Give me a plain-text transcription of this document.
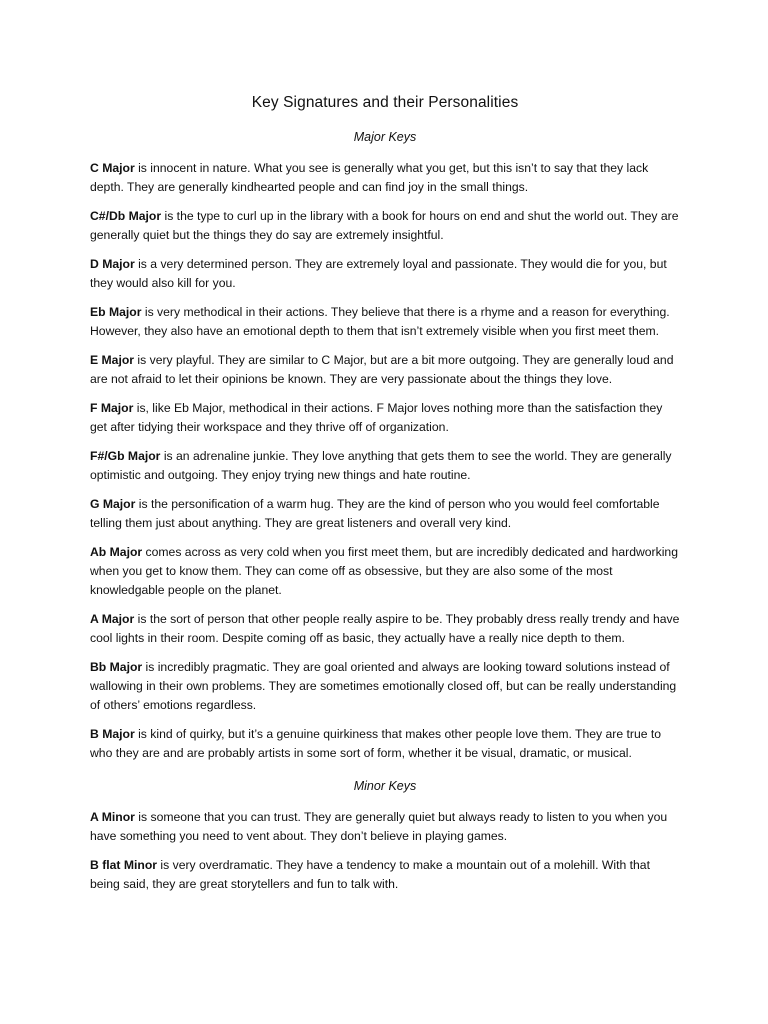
Key Signatures and their Personalities
Major Keys

C Major is innocent in nature. What you see is generally what you get, but this isn’t to say that they lack depth. They are generally kindhearted people and can find joy in the small things.

C#/Db Major is the type to curl up in the library with a book for hours on end and shut the world out. They are generally quiet but the things they do say are extremely insightful.

D Major is a very determined person. They are extremely loyal and passionate. They would die for you, but they would also kill for you.

Eb Major is very methodical in their actions. They believe that there is a rhyme and a reason for everything. However, they also have an emotional depth to them that isn’t extremely visible when you first meet them.

E Major is very playful. They are similar to C Major, but are a bit more outgoing. They are generally loud and are not afraid to let their opinions be known. They are very passionate about the things they love.

F Major is, like Eb Major, methodical in their actions. F Major loves nothing more than the satisfaction they get after tidying their workspace and they thrive off of organization.

F#/Gb Major is an adrenaline junkie. They love anything that gets them to see the world. They are generally optimistic and outgoing. They enjoy trying new things and hate routine.

G Major is the personification of a warm hug. They are the kind of person who you would feel comfortable telling them just about anything. They are great listeners and overall very kind.

Ab Major comes across as very cold when you first meet them, but are incredibly dedicated and hardworking when you get to know them. They can come off as obsessive, but they are also some of the most knowledgable people on the planet.

A Major is the sort of person that other people really aspire to be. They probably dress really trendy and have cool lights in their room. Despite coming off as basic, they actually have a really nice depth to them.

Bb Major is incredibly pragmatic. They are goal oriented and always are looking toward solutions instead of wallowing in their own problems. They are sometimes emotionally closed off, but can be really understanding of others’ emotions regardless.

B Major is kind of quirky, but it’s a genuine quirkiness that makes other people love them. They are true to who they are and are probably artists in some sort of form, whether it be visual, dramatic, or musical.

Minor Keys

A Minor is someone that you can trust. They are generally quiet but always ready to listen to you when you have something you need to vent about. They don’t believe in playing games.

B flat Minor is very overdramatic. They have a tendency to make a mountain out of a molehill. With that being said, they are great storytellers and fun to talk with.
